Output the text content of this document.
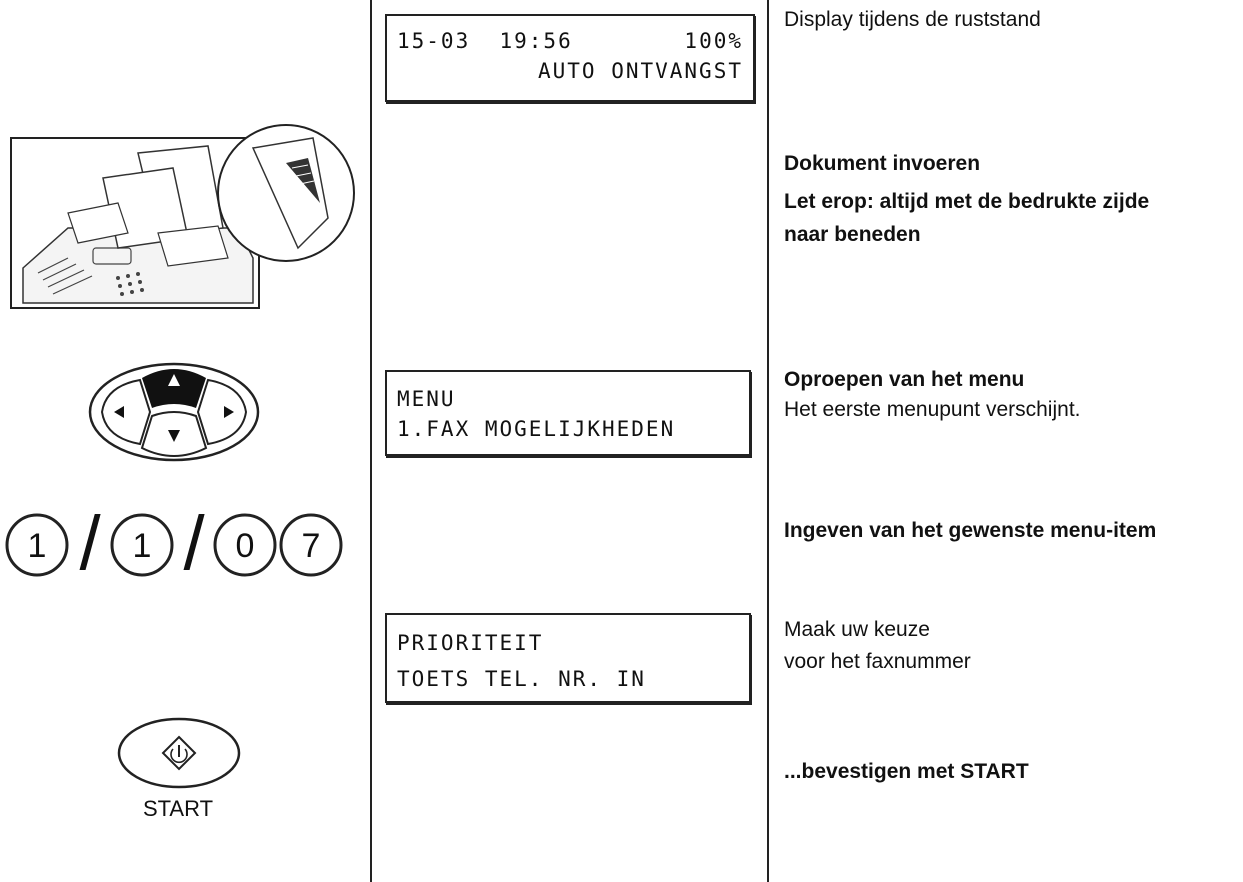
1 / 1 / 0 7
START
15-03  19:56	100%
AUTO ONTVANGST
MENU
1.FAX MOGELIJKHEDEN
PRIORITEIT
TOETS TEL. NR. IN
Display tijdens de ruststand
Dokument invoeren
Let erop: altijd met de bedrukte zijde
naar beneden
Oproepen van het menu
Het eerste menupunt verschijnt.
Ingeven van het gewenste menu-item
Maak uw keuze
voor het faxnummer
...bevestigen met START
